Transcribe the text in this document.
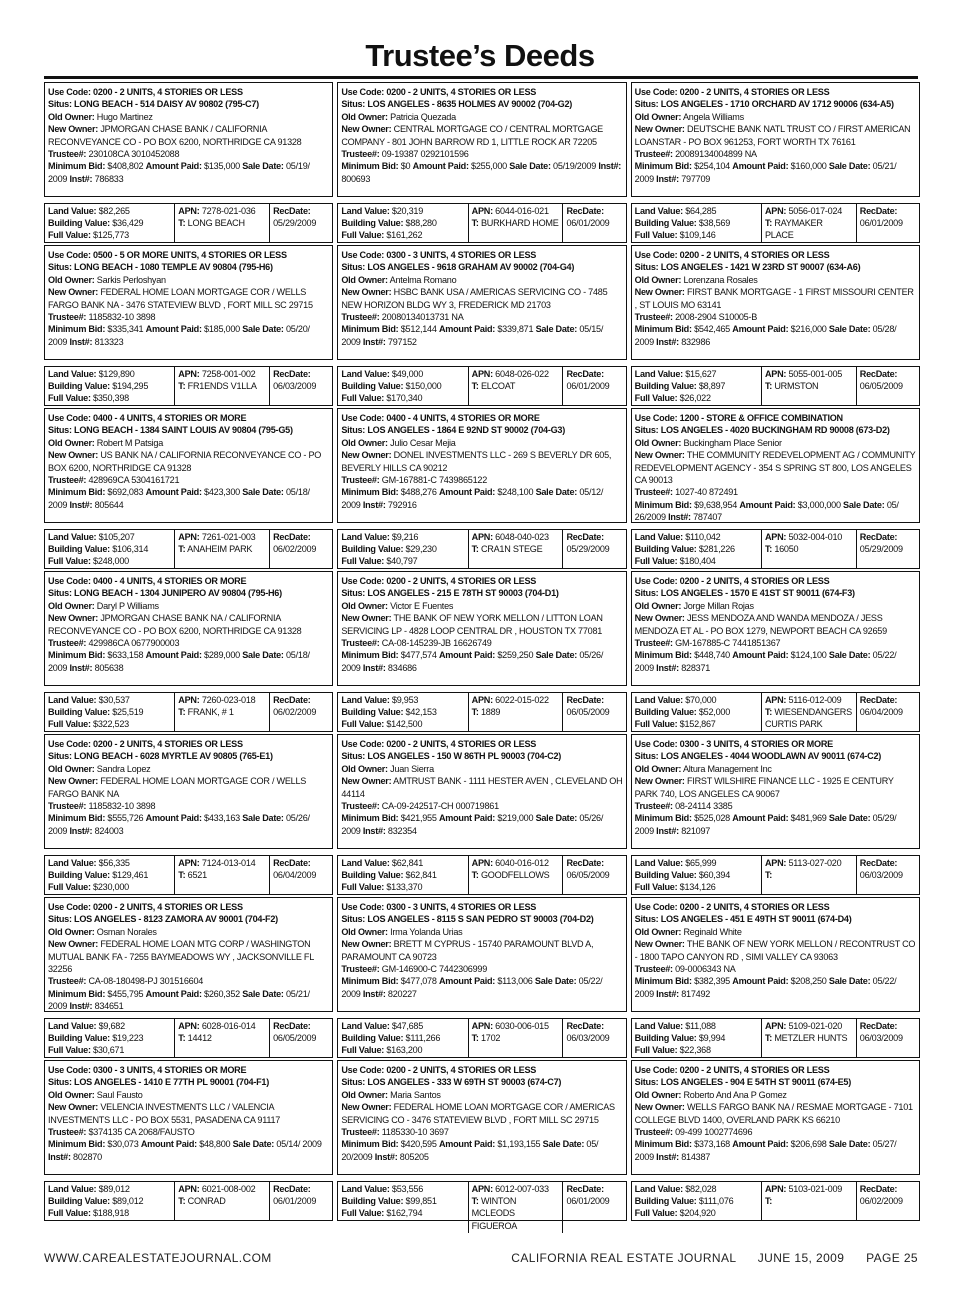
Trustee’s Deeds
Use Code: 0200 - 2 UNITS, 4 STORIES OR LESS
Situs: LONG BEACH - 514 DAISY AV 90802 (795-C7)
Old Owner: Hugo Martinez
New Owner: JPMORGAN CHASE BANK / CALIFORNIA RECONVEYANCE CO - PO BOX 6200, NORTHRIDGE CA 91328
Trustee#: 230108CA 3010452088
Minimum Bid: $408,802 Amount Paid: $135,000 Sale Date: 05/19/ 2009 Inst#: 786833
Land Value: $82,265
Building Value: $36,429
Full Value: $125,773
APN: 7278-021-036
T: LONG BEACH
RecDate:
05/29/2009
Use Code: 0500 - 5 OR MORE UNITS, 4 STORIES OR LESS
Situs: LONG BEACH - 1080 TEMPLE AV 90804 (795-H6)
Old Owner: Sarkis Perloshyan
New Owner: FEDERAL HOME LOAN MORTGAGE COR / WELLS FARGO BANK NA - 3476 STATEVIEW BLVD , FORT MILL SC 29715
Trustee#: 1185832-10 3898
Minimum Bid: $335,341 Amount Paid: $185,000 Sale Date: 05/20/ 2009 Inst#: 813323
Land Value: $129,890
Building Value: $194,295
Full Value: $350,398
APN: 7258-001-002
T: FR1ENDS V1LLA
RecDate:
06/03/2009
Use Code: 0400 - 4 UNITS, 4 STORIES OR MORE
Situs: LONG BEACH - 1384 SAINT LOUIS AV 90804 (795-G5)
Old Owner: Robert M Patsiga
New Owner: US BANK NA / CALIFORNIA RECONVEYANCE CO - PO BOX 6200, NORTHRIDGE CA 91328
Trustee#: 428969CA 5304161721
Minimum Bid: $692,083 Amount Paid: $423,300 Sale Date: 05/18/ 2009 Inst#: 805644
Land Value: $105,207
Building Value: $106,314
Full Value: $248,000
APN: 7261-021-003
T: ANAHEIM PARK
RecDate:
06/02/2009
Use Code: 0400 - 4 UNITS, 4 STORIES OR MORE
Situs: LONG BEACH - 1304 JUNIPERO AV 90804 (795-H6)
Old Owner: Daryl P Williams
New Owner: JPMORGAN CHASE BANK NA / CALIFORNIA RECONVEYANCE CO - PO BOX 6200, NORTHRIDGE CA 91328
Trustee#: 429986CA 0677900003
Minimum Bid: $633,158 Amount Paid: $289,000 Sale Date: 05/18/ 2009 Inst#: 805638
Land Value: $30,537
Building Value: $25,519
Full Value: $322,523
APN: 7260-023-018
T: FRANK, # 1
RecDate:
06/02/2009
Use Code: 0200 - 2 UNITS, 4 STORIES OR LESS
Situs: LONG BEACH - 6028 MYRTLE AV 90805 (765-E1)
Old Owner: Sandra Lopez
New Owner: FEDERAL HOME LOAN MORTGAGE COR / WELLS FARGO BANK NA
Trustee#: 1185832-10 3898
Minimum Bid: $555,726 Amount Paid: $433,163 Sale Date: 05/26/ 2009 Inst#: 824003
Land Value: $56,335
Building Value: $129,461
Full Value: $230,000
APN: 7124-013-014
T: 6521
RecDate:
06/04/2009
Use Code: 0200 - 2 UNITS, 4 STORIES OR LESS
Situs: LOS ANGELES - 8123 ZAMORA AV 90001 (704-F2)
Old Owner: Osman Norales
New Owner: FEDERAL HOME LOAN MTG CORP / WASHINGTON MUTUAL BANK FA - 7255 BAYMEADOWS WY , JACKSONVILLE FL 32256
Trustee#: CA-08-180498-PJ 301516604
Minimum Bid: $455,795 Amount Paid: $260,352 Sale Date: 05/21/ 2009 Inst#: 834651
Land Value: $9,682
Building Value: $19,223
Full Value: $30,671
APN: 6028-016-014
T: 14412
RecDate:
06/05/2009
Use Code: 0300 - 3 UNITS, 4 STORIES OR MORE
Situs: LOS ANGELES - 1410 E 77TH PL 90001 (704-F1)
Old Owner: Saul Fausto
New Owner: VELENCIA INVESTMENTS LLC / VALENCIA INVESTMENTS LLC - PO BOX 5531, PASADENA CA 91117
Trustee#: $374135 CA 2068/FAUSTO
Minimum Bid: $30,073 Amount Paid: $48,800 Sale Date: 05/14/ 2009 Inst#: 802870
Land Value: $89,012
Building Value: $89,012
Full Value: $188,918
APN: 6021-008-002
T: CONRAD
RecDate:
06/01/2009
Use Code: 0200 - 2 UNITS, 4 STORIES OR LESS
Situs: LOS ANGELES - 8635 HOLMES AV 90002 (704-G2)
Old Owner: Patricia Quezada
New Owner: CENTRAL MORTGAGE CO / CENTRAL MORTGAGE COMPANY - 801 JOHN BARROW RD 1, LITTLE ROCK AR 72205
Trustee#: 09-19387 0292101596
Minimum Bid: $0 Amount Paid: $255,000 Sale Date: 05/19/2009 Inst#: 800693
Land Value: $20,319
Building Value: $88,280
Full Value: $161,262
APN: 6044-016-021
T: BURKHARD HOME
RecDate:
06/01/2009
Use Code: 0300 - 3 UNITS, 4 STORIES OR LESS
Situs: LOS ANGELES - 9618 GRAHAM AV 90002 (704-G4)
Old Owner: Antelma Romano
New Owner: HSBC BANK USA / AMERICAS SERVICING CO - 7485 NEW HORIZON BLDG WY 3, FREDERICK MD 21703
Trustee#: 20080134013731 NA
Minimum Bid: $512,144 Amount Paid: $339,871 Sale Date: 05/15/ 2009 Inst#: 797152
Land Value: $49,000
Building Value: $150,000
Full Value: $170,340
APN: 6048-026-022
T: ELCOAT
RecDate:
06/01/2009
Use Code: 0400 - 4 UNITS, 4 STORIES OR MORE
Situs: LOS ANGELES - 1864 E 92ND ST 90002 (704-G3)
Old Owner: Julio Cesar Mejia
New Owner: DONEL INVESTMENTS LLC - 269 S BEVERLY DR 605, BEVERLY HILLS CA 90212
Trustee#: GM-167881-C 7439865122
Minimum Bid: $488,276 Amount Paid: $248,100 Sale Date: 05/12/ 2009 Inst#: 792916
Land Value: $9,216
Building Value: $29,230
Full Value: $40,797
APN: 6048-040-023
T: CRA1N STEGE
RecDate:
05/29/2009
Use Code: 0200 - 2 UNITS, 4 STORIES OR LESS
Situs: LOS ANGELES - 215 E 78TH ST 90003 (704-D1)
Old Owner: Victor E Fuentes
New Owner: THE BANK OF NEW YORK MELLON / LITTON LOAN SERVICING LP - 4828 LOOP CENTRAL DR , HOUSTON TX 77081
Trustee#: CA-08-145239-JB 16626749
Minimum Bid: $477,574 Amount Paid: $259,250 Sale Date: 05/26/ 2009 Inst#: 834686
Land Value: $9,953
Building Value: $42,153
Full Value: $142,500
APN: 6022-015-022
T: 1889
RecDate:
06/05/2009
Use Code: 0200 - 2 UNITS, 4 STORIES OR LESS
Situs: LOS ANGELES - 150 W 86TH PL 90003 (704-C2)
Old Owner: Juan Sierra
New Owner: AMTRUST BANK - 1111 HESTER AVEN , CLEVELAND OH 44114
Trustee#: CA-09-242517-CH 000719861
Minimum Bid: $421,955 Amount Paid: $219,000 Sale Date: 05/26/ 2009 Inst#: 832354
Land Value: $62,841
Building Value: $62,841
Full Value: $133,370
APN: 6040-016-012
T: GOODFELLOWS
RecDate:
06/05/2009
Use Code: 0300 - 3 UNITS, 4 STORIES OR LESS
Situs: LOS ANGELES - 8115 S SAN PEDRO ST 90003 (704-D2)
Old Owner: Irma Yolanda Urias
New Owner: BRETT M CYPRUS - 15740 PARAMOUNT BLVD A, PARAMOUNT CA 90723
Trustee#: GM-146900-C 7442306999
Minimum Bid: $477,078 Amount Paid: $113,006 Sale Date: 05/22/ 2009 Inst#: 820227
Land Value: $47,685
Building Value: $111,266
Full Value: $163,200
APN: 6030-006-015
T: 1702
RecDate:
06/03/2009
Use Code: 0200 - 2 UNITS, 4 STORIES OR LESS
Situs: LOS ANGELES - 333 W 69TH ST 90003 (674-C7)
Old Owner: Maria Santos
New Owner: FEDERAL HOME LOAN MORTGAGE COR / AMERICAS SERVICING CO - 3476 STATEVIEW BLVD , FORT MILL SC 29715
Trustee#: 1185330-10 3697
Minimum Bid: $420,595 Amount Paid: $1,193,155 Sale Date: 05/ 20/2009 Inst#: 805205
Land Value: $53,556
Building Value: $99,851
Full Value: $162,794
APN: 6012-007-033
T: WINTON MCLEODS FIGUEROA
RecDate:
06/01/2009
Use Code: 0200 - 2 UNITS, 4 STORIES OR LESS
Situs: LOS ANGELES - 1710 ORCHARD AV 1712 90006 (634-A5)
Old Owner: Angela Williams
New Owner: DEUTSCHE BANK NATL TRUST CO / FIRST AMERICAN LOANSTAR - PO BOX 961253, FORT WORTH TX 76161
Trustee#: 20089134004899 NA
Minimum Bid: $254,104 Amount Paid: $160,000 Sale Date: 05/21/ 2009 Inst#: 797709
Land Value: $64,285
Building Value: $38,569
Full Value: $109,146
APN: 5056-017-024
T: RAYMAKER PLACE
RecDate:
06/01/2009
Use Code: 0200 - 2 UNITS, 4 STORIES OR LESS
Situs: LOS ANGELES - 1421 W 23RD ST 90007 (634-A6)
Old Owner: Lorenzana Rosales
New Owner: FIRST BANK MORTGAGE - 1 FIRST MISSOURI CENTER , ST LOUIS MO 63141
Trustee#: 2008-2904 S10005-B
Minimum Bid: $542,465 Amount Paid: $216,000 Sale Date: 05/28/ 2009 Inst#: 832986
Land Value: $15,627
Building Value: $8,897
Full Value: $26,022
APN: 5055-001-005
T: URMSTON
RecDate:
06/05/2009
Use Code: 1200 - STORE & OFFICE COMBINATION
Situs: LOS ANGELES - 4020 BUCKINGHAM RD 90008 (673-D2)
Old Owner: Buckingham Place Senior
New Owner: THE COMMUNITY REDEVELOPMENT AG / COMMUNITY REDEVELOPMENT AGENCY - 354 S SPRING ST 800, LOS ANGELES CA 90013
Trustee#: 1027-40 872491
Minimum Bid: $9,638,954 Amount Paid: $3,000,000 Sale Date: 05/ 26/2009 Inst#: 787407
Land Value: $110,042
Building Value: $281,226
Full Value: $180,404
APN: 5032-004-010
T: 16050
RecDate:
05/29/2009
Use Code: 0200 - 2 UNITS, 4 STORIES OR LESS
Situs: LOS ANGELES - 1570 E 41ST ST 90011 (674-F3)
Old Owner: Jorge Millan Rojas
New Owner: JESS MENDOZA AND WANDA MENDOZA / JESS MENDOZA ET AL - PO BOX 1279, NEWPORT BEACH CA 92659
Trustee#: GM-167885-C 7441851367
Minimum Bid: $448,740 Amount Paid: $124,100 Sale Date: 05/22/ 2009 Inst#: 828371
Land Value: $70,000
Building Value: $52,000
Full Value: $152,867
APN: 5116-012-009
T: WIESENDANGERS CURTIS PARK
RecDate:
06/04/2009
Use Code: 0300 - 3 UNITS, 4 STORIES OR MORE
Situs: LOS ANGELES - 4044 WOODLAWN AV 90011 (674-C2)
Old Owner: Altura Management Inc
New Owner: FIRST WILSHIRE FINANCE LLC - 1925 E CENTURY PARK 740, LOS ANGELES CA 90067
Trustee#: 08-24114 3385
Minimum Bid: $525,028 Amount Paid: $481,969 Sale Date: 05/29/ 2009 Inst#: 821097
Land Value: $65,999
Building Value: $60,394
Full Value: $134,126
APN: 5113-027-020
T:
RecDate:
06/03/2009
Use Code: 0200 - 2 UNITS, 4 STORIES OR LESS
Situs: LOS ANGELES - 451 E 49TH ST 90011 (674-D4)
Old Owner: Reginald White
New Owner: THE BANK OF NEW YORK MELLON / RECONTRUST CO - 1800 TAPO CANYON RD , SIMI VALLEY CA 93063
Trustee#: 09-0006343 NA
Minimum Bid: $382,395 Amount Paid: $208,250 Sale Date: 05/22/ 2009 Inst#: 817492
Land Value: $11,088
Building Value: $9,994
Full Value: $22,368
APN: 5109-021-020
T: METZLER HUNTS
RecDate:
06/03/2009
Use Code: 0200 - 2 UNITS, 4 STORIES OR LESS
Situs: LOS ANGELES - 904 E 54TH ST 90011 (674-E5)
Old Owner: Roberto And Ana P Gomez
New Owner: WELLS FARGO BANK NA / RESMAE MORTGAGE - 7101 COLLEGE BLVD 1400, OVERLAND PARK KS 66210
Trustee#: 09-499 1002774696
Minimum Bid: $373,168 Amount Paid: $206,698 Sale Date: 05/27/ 2009 Inst#: 814387
Land Value: $82,028
Building Value: $111,076
Full Value: $204,920
APN: 5103-021-009
T:
RecDate:
06/02/2009
WWW.CAREALESTATEJOURNAL.COM	CALIFORNIA REAL ESTATE JOURNAL JUNE 15, 2009 PAGE 25
